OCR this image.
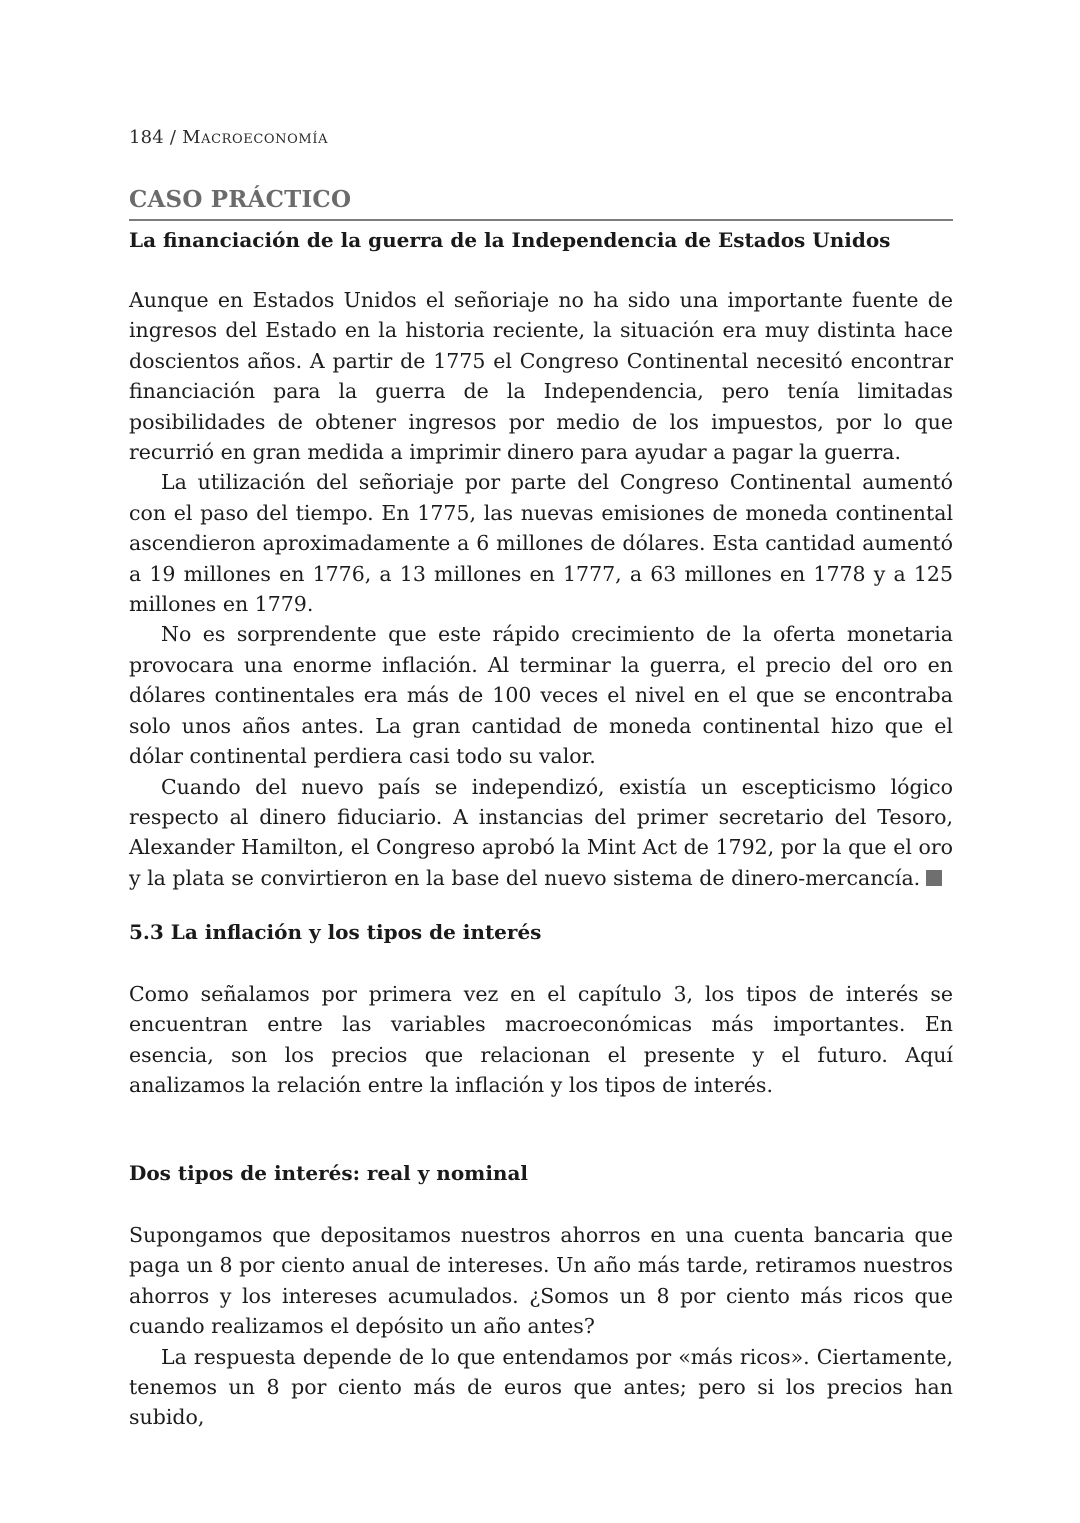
184 / Macroeconomía
CASO PRÁCTICO
La financiación de la guerra de la Independencia de Estados Unidos

Aunque en Estados Unidos el señoriaje no ha sido una importante fuente de ingresos del Estado en la historia reciente, la situación era muy distinta hace doscientos años. A partir de 1775 el Congreso Continental necesitó encontrar financiación para la guerra de la Independencia, pero tenía limitadas posibilidades de obtener ingresos por medio de los impuestos, por lo que recurrió en gran medida a imprimir dinero para ayudar a pagar la guerra.

La utilización del señoriaje por parte del Congreso Continental aumentó con el paso del tiempo. En 1775, las nuevas emisiones de moneda continental ascendieron aproximadamente a 6 millones de dólares. Esta cantidad aumentó a 19 millones en 1776, a 13 millones en 1777, a 63 millones en 1778 y a 125 millones en 1779.

No es sorprendente que este rápido crecimiento de la oferta monetaria provocara una enorme inflación. Al terminar la guerra, el precio del oro en dólares continentales era más de 100 veces el nivel en el que se encontraba solo unos años antes. La gran cantidad de moneda continental hizo que el dólar continental perdiera casi todo su valor.

Cuando del nuevo país se independizó, existía un escepticismo lógico respecto al dinero fiduciario. A instancias del primer secretario del Tesoro, Alexander Hamilton, el Congreso aprobó la Mint Act de 1792, por la que el oro y la plata se convirtieron en la base del nuevo sistema de dinero-mercancía.

5.3 La inflación y los tipos de interés

Como señalamos por primera vez en el capítulo 3, los tipos de interés se encuentran entre las variables macroeconómicas más importantes. En esencia, son los precios que relacionan el presente y el futuro. Aquí analizamos la relación entre la inflación y los tipos de interés.

Dos tipos de interés: real y nominal

Supongamos que depositamos nuestros ahorros en una cuenta bancaria que paga un 8 por ciento anual de intereses. Un año más tarde, retiramos nuestros ahorros y los intereses acumulados. ¿Somos un 8 por ciento más ricos que cuando realizamos el depósito un año antes?

La respuesta depende de lo que entendamos por «más ricos». Ciertamente, tenemos un 8 por ciento más de euros que antes; pero si los precios han subido,
